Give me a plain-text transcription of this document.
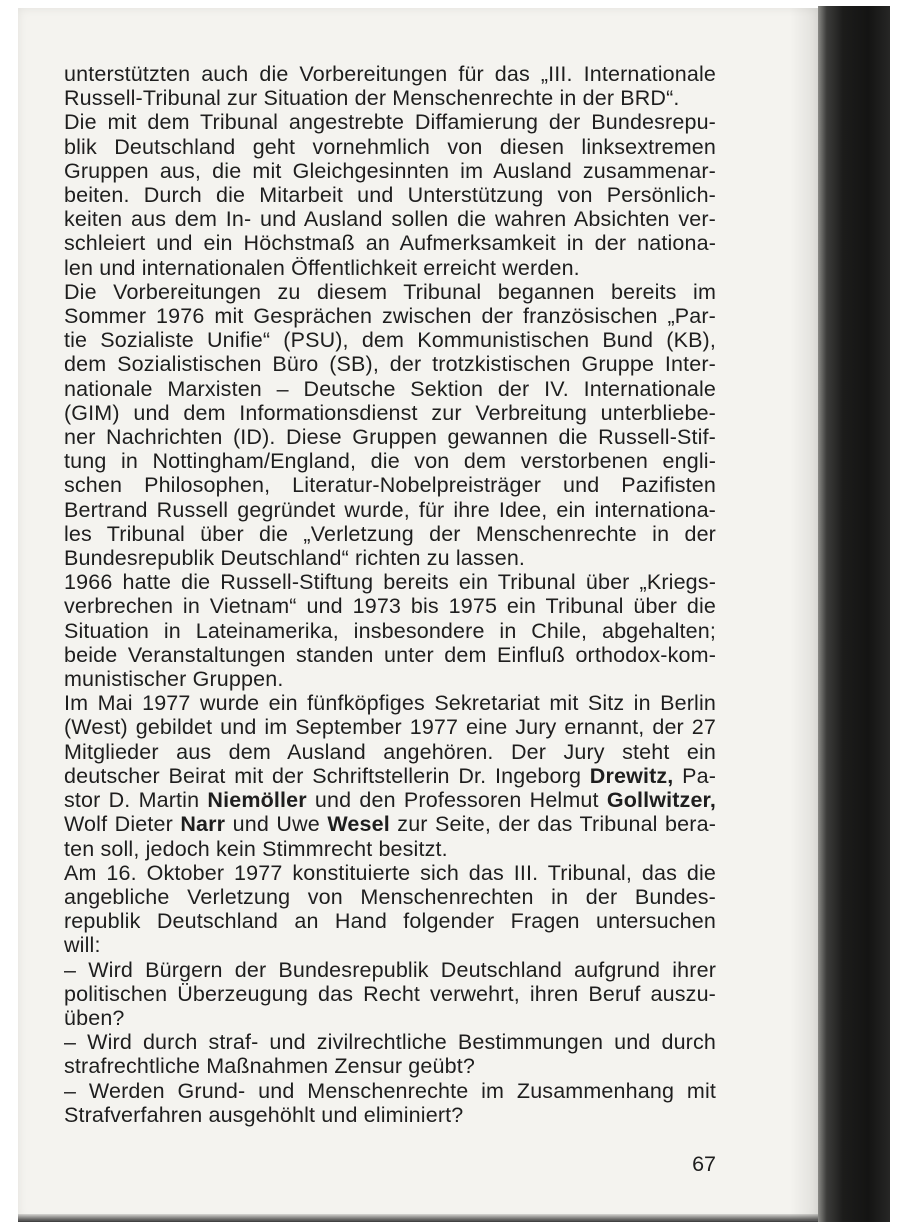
unterstützten auch die Vorbereitungen für das „III. Internationale
Russell-Tribunal zur Situation der Menschenrechte in der BRD“.
Die mit dem Tribunal angestrebte Diffamierung der Bundesrepu-
blik Deutschland geht vornehmlich von diesen linksextremen
Gruppen aus, die mit Gleichgesinnten im Ausland zusammenar-
beiten. Durch die Mitarbeit und Unterstützung von Persönlich-
keiten aus dem In- und Ausland sollen die wahren Absichten ver-
schleiert und ein Höchstmaß an Aufmerksamkeit in der nationa-
len und internationalen Öffentlichkeit erreicht werden.
Die Vorbereitungen zu diesem Tribunal begannen bereits im
Sommer 1976 mit Gesprächen zwischen der französischen „Par-
tie Sozialiste Unifie“ (PSU), dem Kommunistischen Bund (KB),
dem Sozialistischen Büro (SB), der trotzkistischen Gruppe Inter-
nationale Marxisten – Deutsche Sektion der IV. Internationale
(GIM) und dem Informationsdienst zur Verbreitung unterbliebe-
ner Nachrichten (ID). Diese Gruppen gewannen die Russell-Stif-
tung in Nottingham/England, die von dem verstorbenen engli-
schen Philosophen, Literatur-Nobelpreisträger und Pazifisten
Bertrand Russell gegründet wurde, für ihre Idee, ein internationa-
les Tribunal über die „Verletzung der Menschenrechte in der
Bundesrepublik Deutschland“ richten zu lassen.
1966 hatte die Russell-Stiftung bereits ein Tribunal über „Kriegs-
verbrechen in Vietnam“ und 1973 bis 1975 ein Tribunal über die
Situation in Lateinamerika, insbesondere in Chile, abgehalten;
beide Veranstaltungen standen unter dem Einfluß orthodox-kom-
munistischer Gruppen.
Im Mai 1977 wurde ein fünfköpfiges Sekretariat mit Sitz in Berlin
(West) gebildet und im September 1977 eine Jury ernannt, der 27
Mitglieder aus dem Ausland angehören. Der Jury steht ein
deutscher Beirat mit der Schriftstellerin Dr. Ingeborg Drewitz, Pa-
stor D. Martin Niemöller und den Professoren Helmut Gollwitzer,
Wolf Dieter Narr und Uwe Wesel zur Seite, der das Tribunal bera-
ten soll, jedoch kein Stimmrecht besitzt.
Am 16. Oktober 1977 konstituierte sich das III. Tribunal, das die
angebliche Verletzung von Menschenrechten in der Bundes-
republik Deutschland an Hand folgender Fragen untersuchen
will:
– Wird Bürgern der Bundesrepublik Deutschland aufgrund ihrer
politischen Überzeugung das Recht verwehrt, ihren Beruf auszu-
üben?
– Wird durch straf- und zivilrechtliche Bestimmungen und durch
strafrechtliche Maßnahmen Zensur geübt?
– Werden Grund- und Menschenrechte im Zusammenhang mit
Strafverfahren ausgehöhlt und eliminiert?
67
